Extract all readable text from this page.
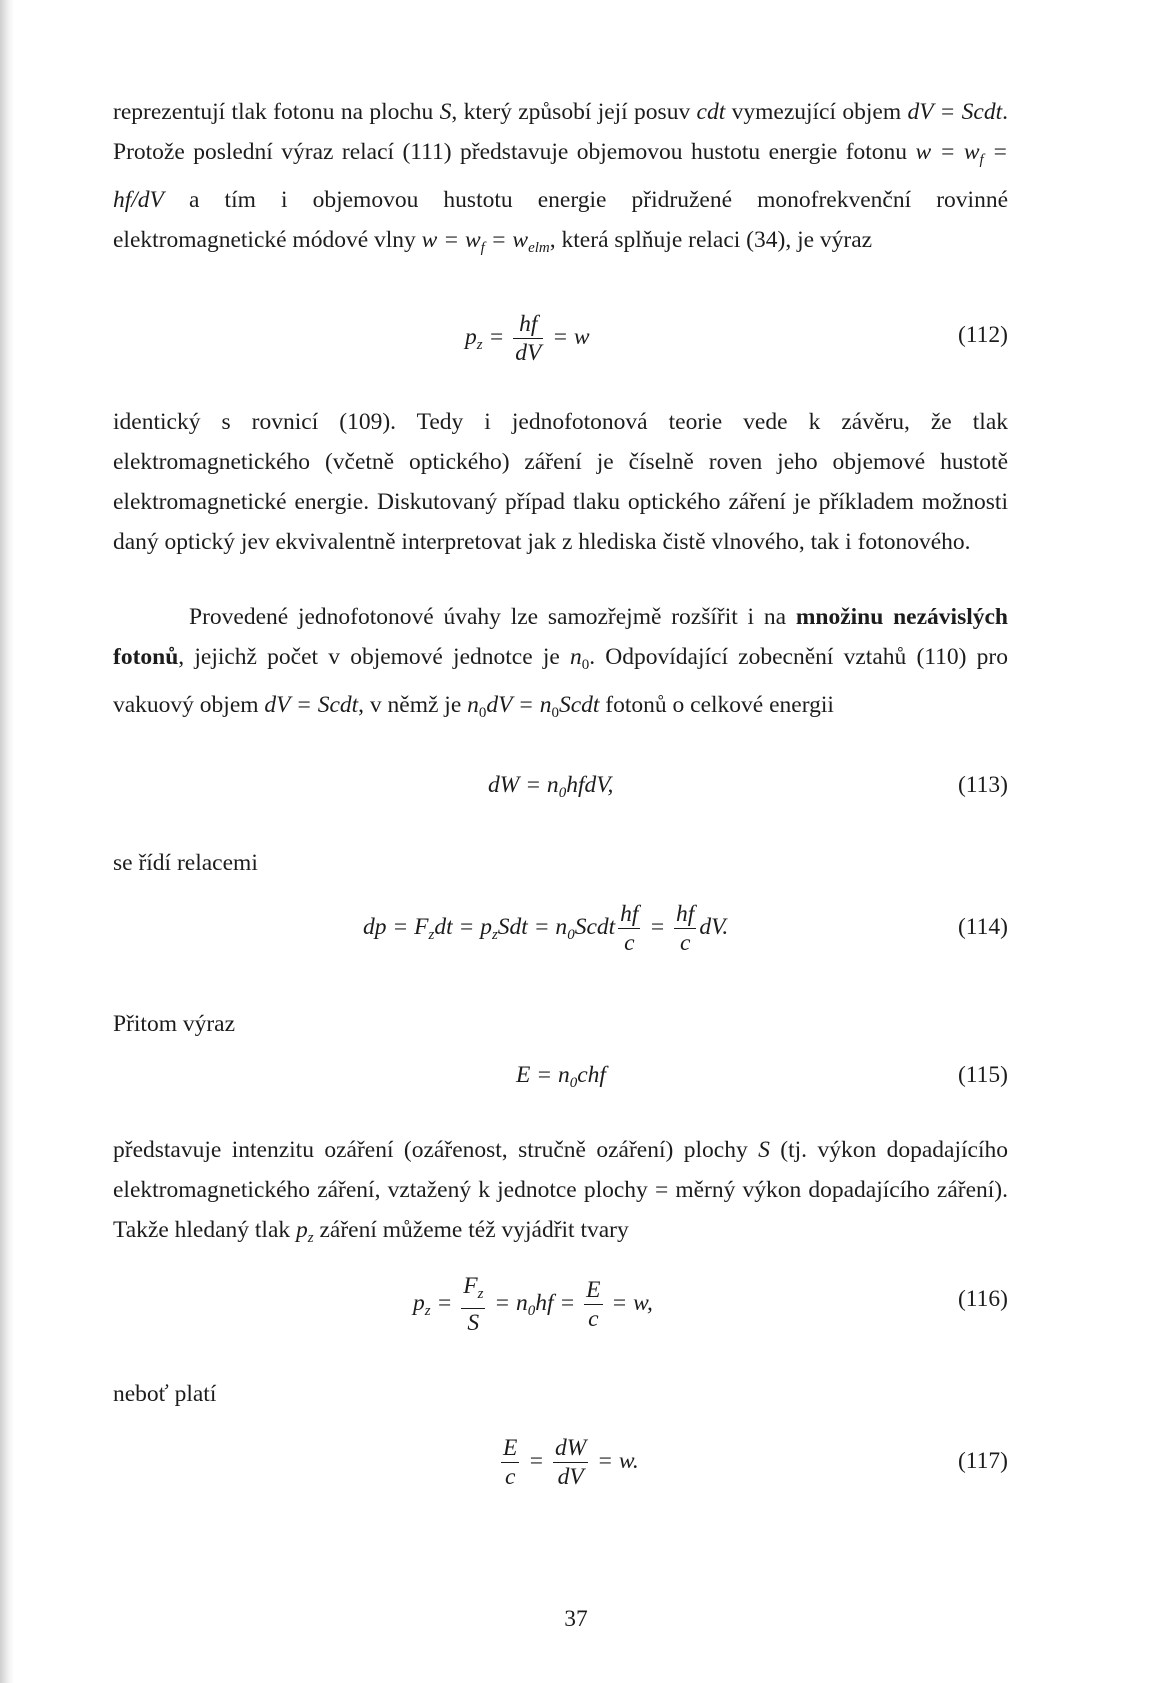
reprezentují tlak fotonu na plochu S, který způsobí její posuv cdt vymezující objem dV = Scdt. Protože poslední výraz relací (111) představuje objemovou hustotu energie fotonu $w = w_f = hf/dV$ a tím i objemovou hustotu energie přidružené monofrekvenční rovinné elektromagnetické módové vlny $w = w_f = w_{elm}$, která splňuje relaci (34), je výraz

$p_z = \frac{hf}{dV} = w$	(112)

identický s rovnicí (109). Tedy i jednofotonová teorie vede k závěru, že tlak elektromagnetického (včetně optického) záření je číselně roven jeho objemové hustotě elektromagnetické energie. Diskutovaný případ tlaku optického záření je příkladem možnosti daný optický jev ekvivalentně interpretovat jak z hlediska čistě vlnového, tak i fotonového.

Provedené jednofotonové úvahy lze samozřejmě rozšířit i na množinu nezávislých fotonů, jejichž počet v objemové jednotce je $n_0$. Odpovídající zobecnění vztahů (110) pro vakuový objem dV = Scdt, v němž je $n_0dV$ = $n_0Scdt$ fotonů o celkové energii

dW = $n_0hfdV$,	(113)

se řídí relacemi

dp = $F_zdt = p_zSdt$ = $n_0Scdt \frac{hf}{c} = \frac{hf}{c}$ dV.	(114)

Přitom výraz

$E = n_0chf$	(115)

představuje intenzitu ozáření (ozářenost, stručně ozáření) plochy S (tj. výkon dopadajícího elektromagnetického záření, vztažený k jednotce plochy = měrný výkon dopadajícího záření). Takže hledaný tlak $p_z$ záření můžeme též vyjádřit tvary

$p_z = \frac{F_z}{S} = n_0hf = \frac{E}{c} = w$,	(116)

neboť platí

$\frac{E}{c} = \frac{dW}{dV} = w$.	(117)
37
